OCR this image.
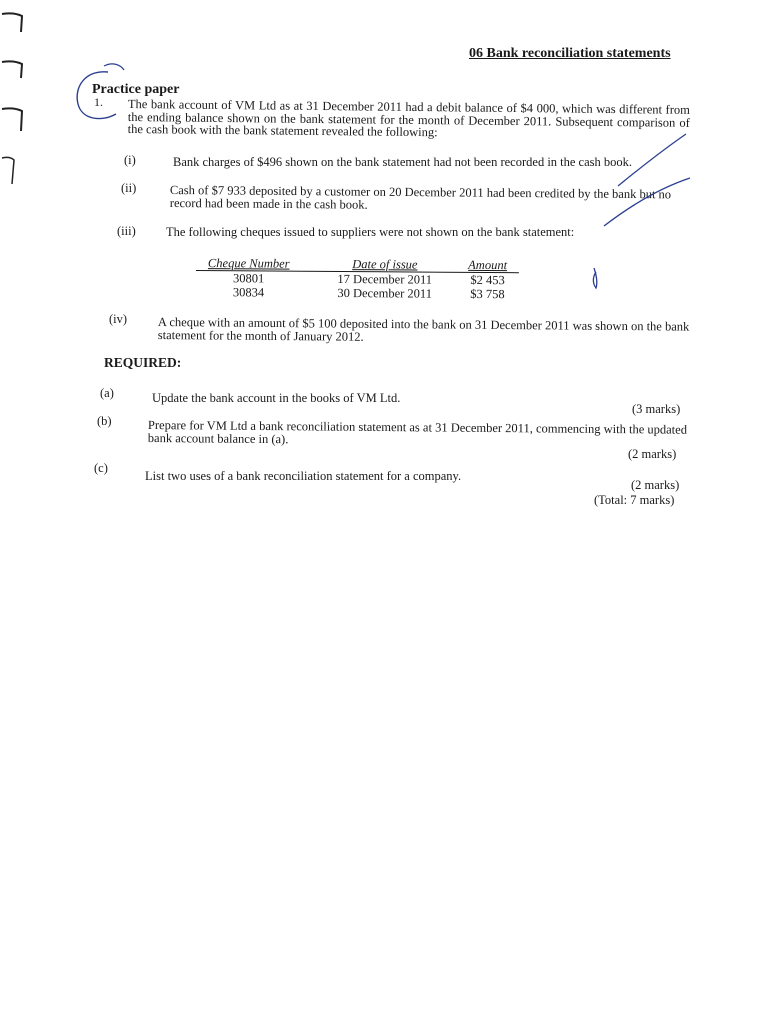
06 Bank reconciliation statements
Practice paper
1. The bank account of VM Ltd as at 31 December 2011 had a debit balance of $4 000, which was different from the ending balance shown on the bank statement for the month of December 2011. Subsequent comparison of the cash book with the bank statement revealed the following:
(i)	Bank charges of $496 shown on the bank statement had not been recorded in the cash book.
(ii)	Cash of $7 933 deposited by a customer on 20 December 2011 had been credited by the bank but no record had been made in the cash book.
(iii) The following cheques issued to suppliers were not shown on the bank statement:
Cheque Number	Date of issue	Amount
30801	17 December 2011	$2 453
30834	30 December 2011	$3 758
(iv) A cheque with an amount of $5 100 deposited into the bank on 31 December 2011 was shown on the bank statement for the month of January 2012.
REQUIRED:
(a)	Update the bank account in the books of VM Ltd.
(3 marks)
(b)	Prepare for VM Ltd a bank reconciliation statement as at 31 December 2011, commencing with the updated bank account balance in (a).
(2 marks)
(c)
List two uses of a bank reconciliation statement for a company.
(2 marks)
(Total: 7 marks)
